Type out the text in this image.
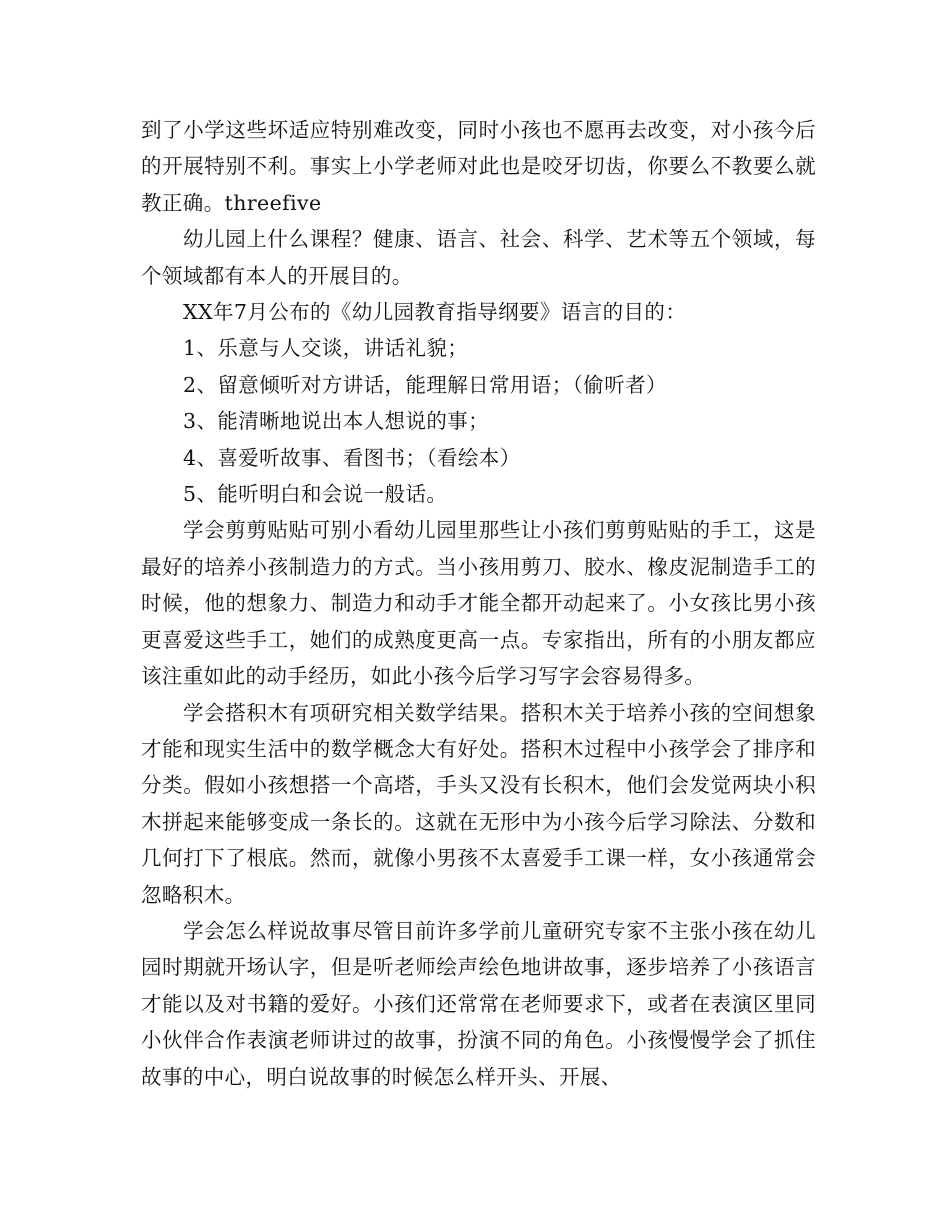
到了小学这些坏适应特别难改变，同时小孩也不愿再去改变，对小孩今后的开展特别不利。事实上小学老师对此也是咬牙切齿，你要么不教要么就教正确。threefive

幼儿园上什么课程？健康、语言、社会、科学、艺术等五个领域，每个领域都有本人的开展目的。

XX年7月公布的《幼儿园教育指导纲要》语言的目的：

1、乐意与人交谈，讲话礼貌；

2、留意倾听对方讲话，能理解日常用语；（偷听者）

3、能清晰地说出本人想说的事；

4、喜爱听故事、看图书；（看绘本）

5、能听明白和会说一般话。

学会剪剪贴贴可别小看幼儿园里那些让小孩们剪剪贴贴的手工，这是最好的培养小孩制造力的方式。当小孩用剪刀、胶水、橡皮泥制造手工的时候，他的想象力、制造力和动手才能全都开动起来了。小女孩比男小孩更喜爱这些手工，她们的成熟度更高一点。专家指出，所有的小朋友都应该注重如此的动手经历，如此小孩今后学习写字会容易得多。

学会搭积木有项研究相关数学结果。搭积木关于培养小孩的空间想象才能和现实生活中的数学概念大有好处。搭积木过程中小孩学会了排序和分类。假如小孩想搭一个高塔，手头又没有长积木，他们会发觉两块小积木拼起来能够变成一条长的。这就在无形中为小孩今后学习除法、分数和几何打下了根底。然而，就像小男孩不太喜爱手工课一样，女小孩通常会忽略积木。

学会怎么样说故事尽管目前许多学前儿童研究专家不主张小孩在幼儿园时期就开场认字，但是听老师绘声绘色地讲故事，逐步培养了小孩语言才能以及对书籍的爱好。小孩们还常常在老师要求下，或者在表演区里同小伙伴合作表演老师讲过的故事，扮演不同的角色。小孩慢慢学会了抓住故事的中心，明白说故事的时候怎么样开头、开展、
